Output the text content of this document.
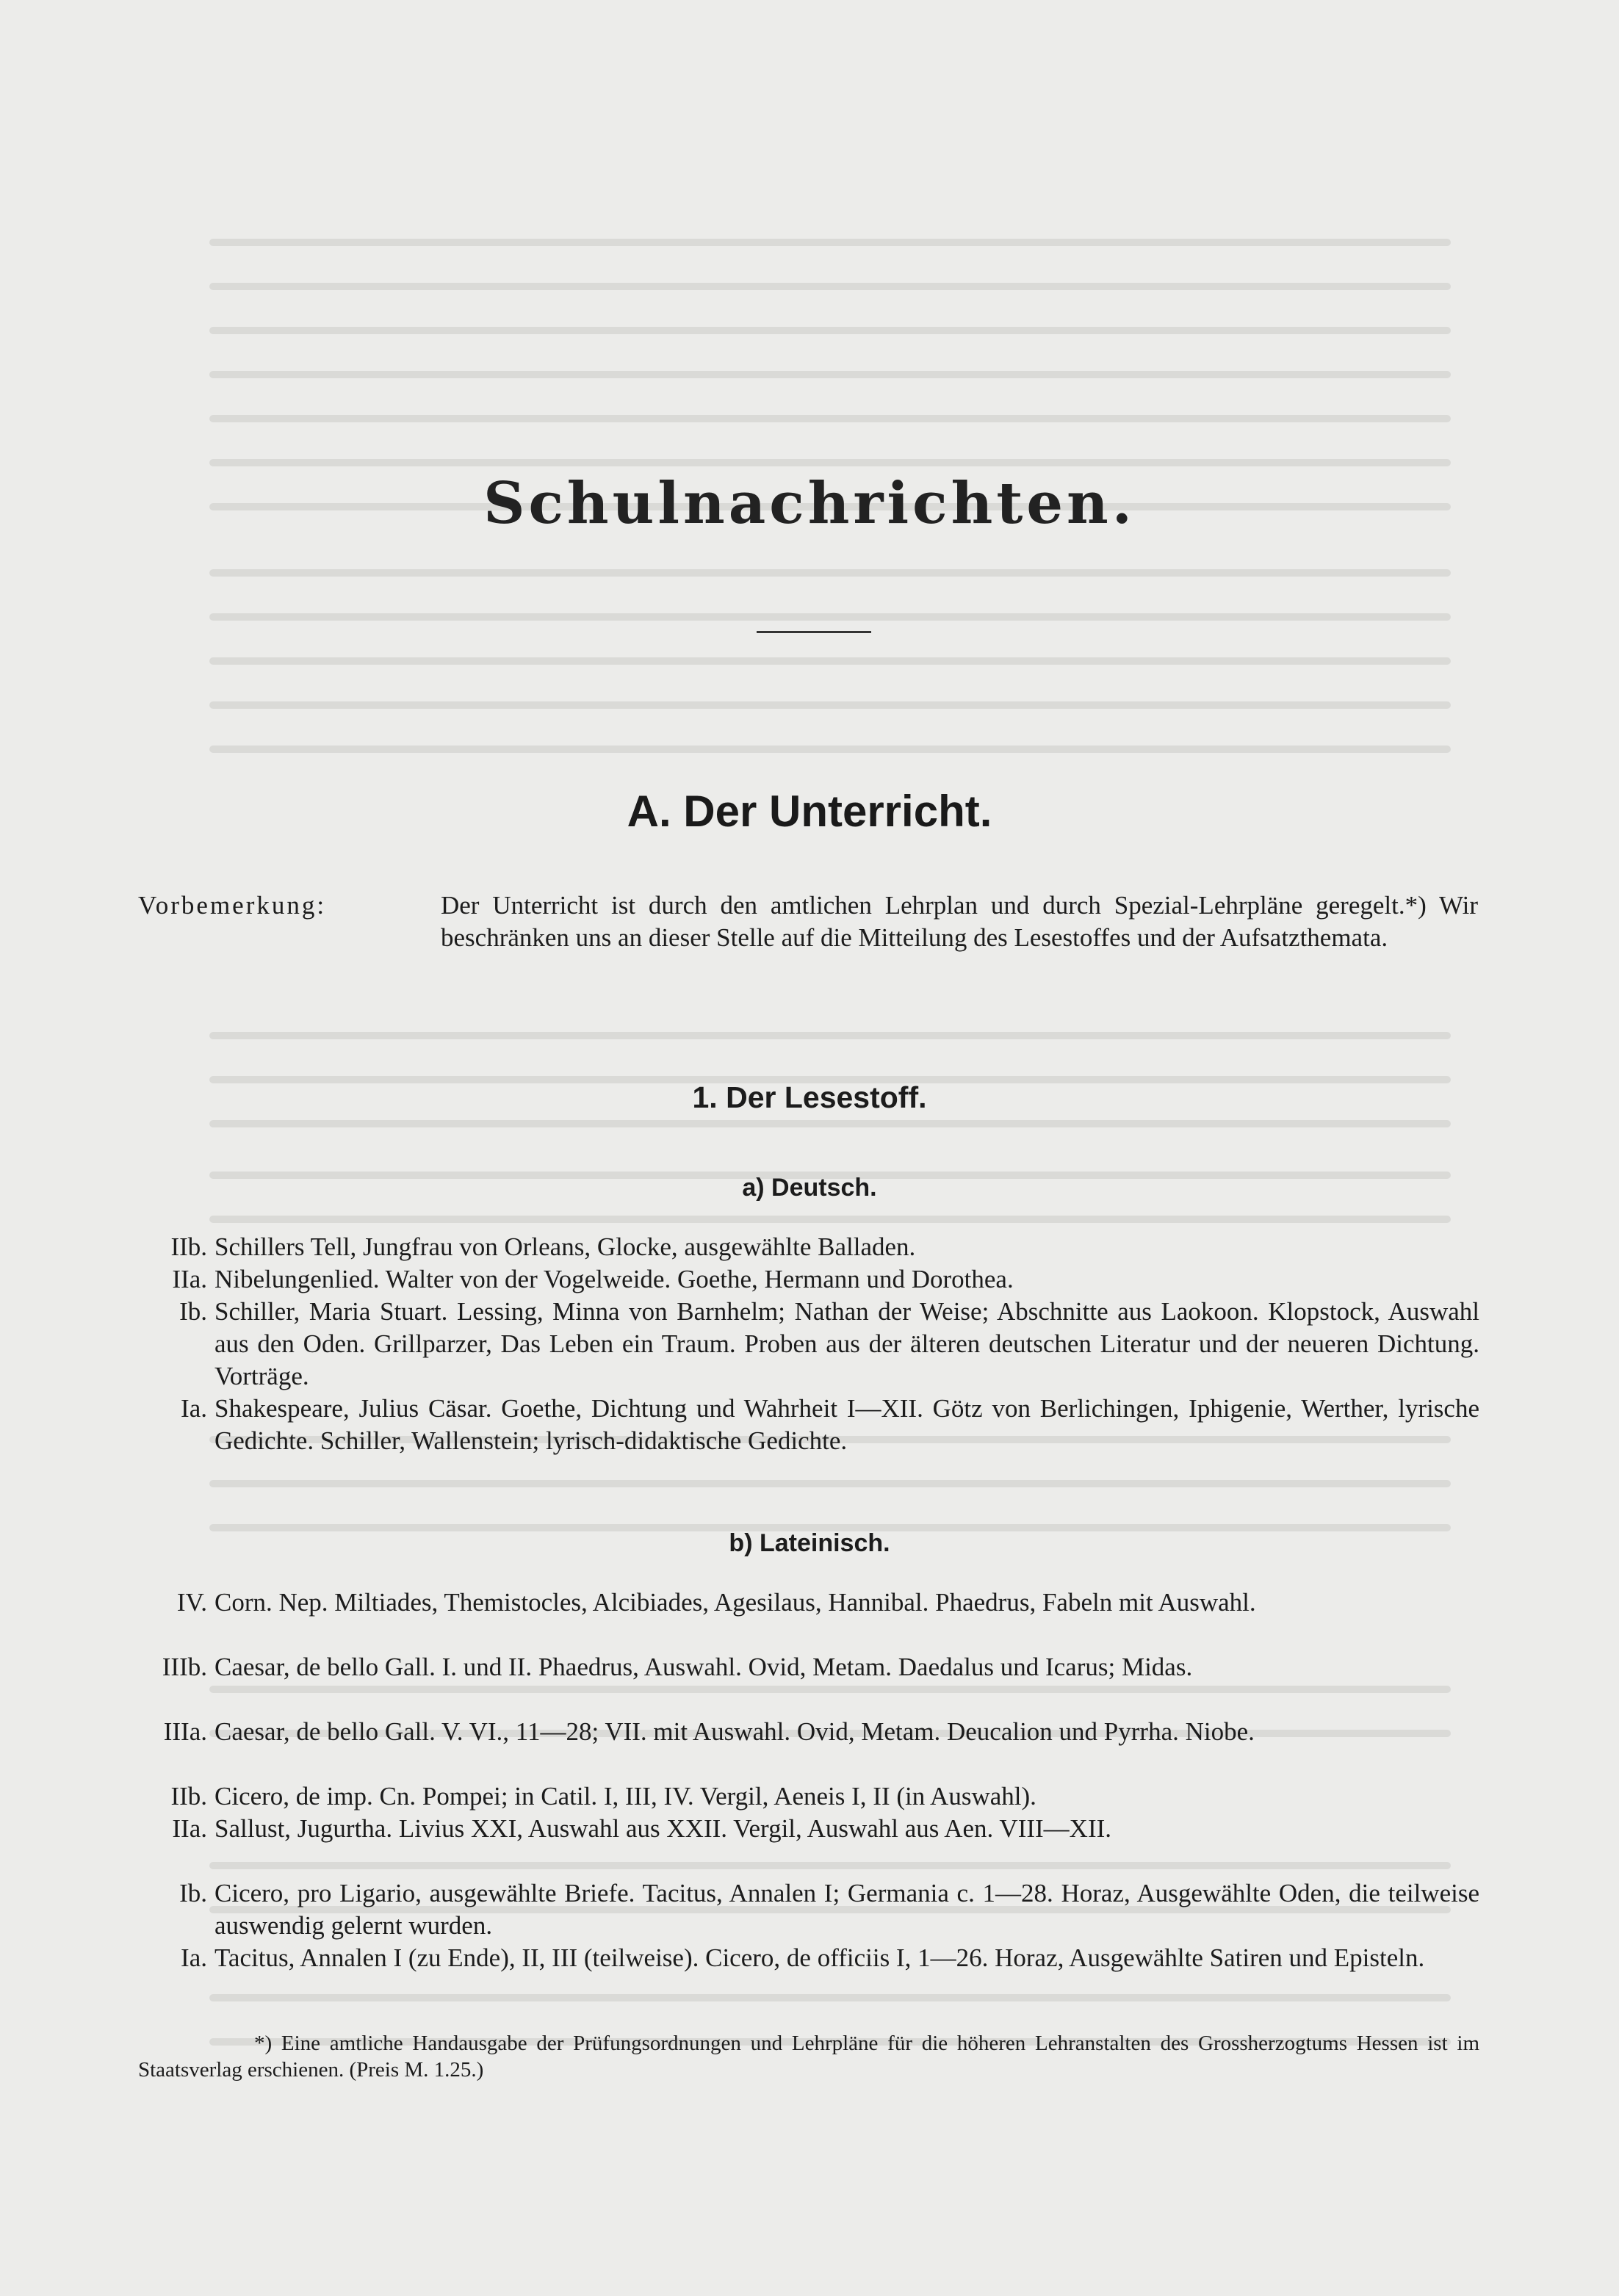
Schulnachrichten.
A. Der Unterricht.
Vorbemerkung:	Der Unterricht ist durch den amtlichen Lehrplan und durch Spezial-Lehrpläne geregelt.*) Wir beschränken uns an dieser Stelle auf die Mitteilung des Lesestoffes und der Aufsatzthemata.
1. Der Lesestoff.
a) Deutsch.
IIb. Schillers Tell, Jungfrau von Orleans, Glocke, ausgewählte Balladen.
IIa. Nibelungenlied. Walter von der Vogelweide. Goethe, Hermann und Dorothea.
Ib. Schiller, Maria Stuart. Lessing, Minna von Barnhelm; Nathan der Weise; Abschnitte aus Laokoon. Klopstock, Auswahl aus den Oden. Grillparzer, Das Leben ein Traum. Proben aus der älteren deutschen Literatur und der neueren Dichtung. Vorträge.
Ia. Shakespeare, Julius Cäsar. Goethe, Dichtung und Wahrheit I—XII. Götz von Berlichingen, Iphigenie, Werther, lyrische Gedichte. Schiller, Wallenstein; lyrisch-didaktische Gedichte.
b) Lateinisch.
IV. Corn. Nep. Miltiades, Themistocles, Alcibiades, Agesilaus, Hannibal. Phaedrus, Fabeln mit Auswahl.
IIIb. Caesar, de bello Gall. I. und II. Phaedrus, Auswahl. Ovid, Metam. Daedalus und Icarus; Midas.
IIIa. Caesar, de bello Gall. V. VI., 11—28; VII. mit Auswahl. Ovid, Metam. Deucalion und Pyrrha. Niobe.
IIb. Cicero, de imp. Cn. Pompei; in Catil. I, III, IV. Vergil, Aeneis I, II (in Auswahl).
IIa. Sallust, Jugurtha. Livius XXI, Auswahl aus XXII. Vergil, Auswahl aus Aen. VIII—XII.
Ib. Cicero, pro Ligario, ausgewählte Briefe. Tacitus, Annalen I; Germania c. 1—28. Horaz, Ausgewählte Oden, die teilweise auswendig gelernt wurden.
Ia. Tacitus, Annalen I (zu Ende), II, III (teilweise). Cicero, de officiis I, 1—26. Horaz, Ausgewählte Satiren und Episteln.
*) Eine amtliche Handausgabe der Prüfungsordnungen und Lehrpläne für die höheren Lehranstalten des Grossherzogtums Hessen ist im Staatsverlag erschienen. (Preis M. 1.25.)
